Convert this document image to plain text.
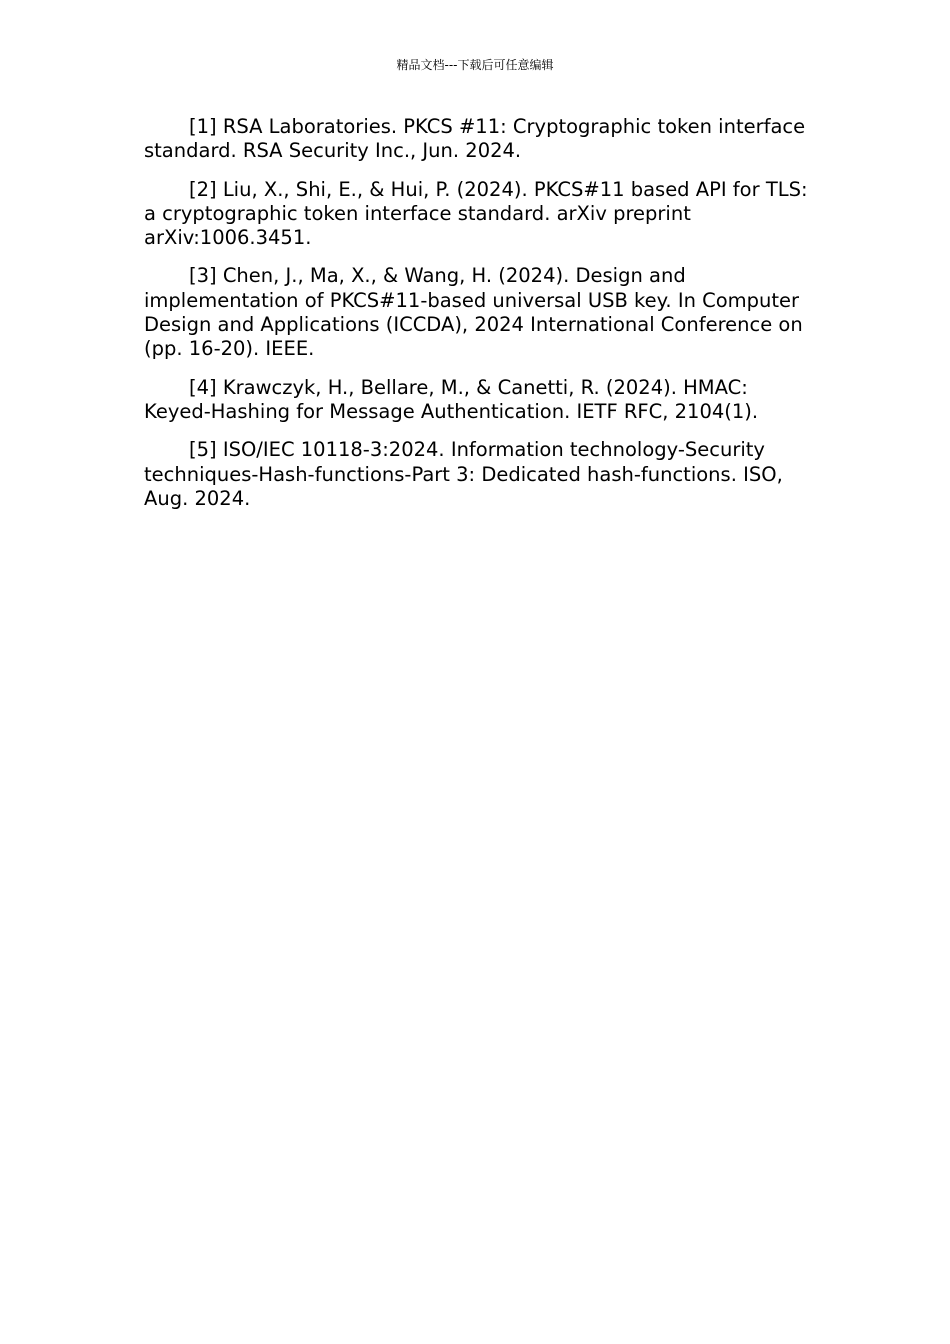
精品文档---下载后可任意编辑

[1] RSA Laboratories. PKCS #11: Cryptographic token interface standard. RSA Security Inc., Jun. 2024.

[2] Liu, X., Shi, E., & Hui, P. (2024). PKCS#11 based API for TLS: a cryptographic token interface standard. arXiv preprint arXiv:1006.3451.

[3] Chen, J., Ma, X., & Wang, H. (2024). Design and implementation of PKCS#11-based universal USB key. In Computer Design and Applications (ICCDA), 2024 International Conference on (pp. 16-20). IEEE.

[4] Krawczyk, H., Bellare, M., & Canetti, R. (2024). HMAC: Keyed-Hashing for Message Authentication. IETF RFC, 2104(1).

[5] ISO/IEC 10118-3:2024. Information technology-Security techniques-Hash-functions-Part 3: Dedicated hash-functions. ISO, Aug. 2024.
